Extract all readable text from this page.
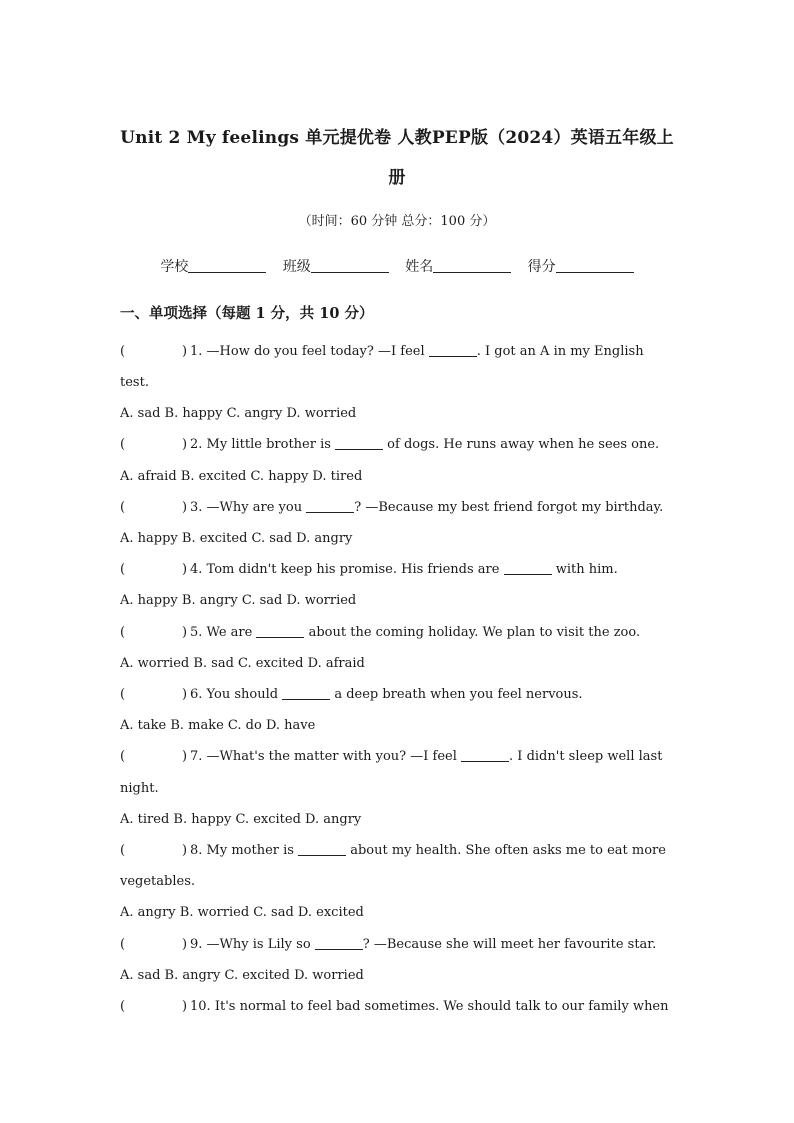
Unit 2 My feelings 单元提优卷 人教PEP版（2024）英语五年级上
册
（时间：60 分钟 总分：100 分）
学校	班级	姓名	得分
一、单项选择（每题 1 分，共 10 分）
(	) 1. —How do you feel today? —I feel	. I got an A in my English
test.
A. sad B. happy C. angry D. worried
(	) 2. My little brother is	of dogs. He runs away when he sees one.
A. afraid B. excited C. happy D. tired
(	) 3. —Why are you	? —Because my best friend forgot my birthday.
A. happy B. excited C. sad D. angry
(	) 4. Tom didn't keep his promise. His friends are	with him.
A. happy B. angry C. sad D. worried
(	) 5. We are	about the coming holiday. We plan to visit the zoo.
A. worried B. sad C. excited D. afraid
(	) 6. You should	a deep breath when you feel nervous.
A. take B. make C. do D. have
(	) 7. —What's the matter with you? —I feel	. I didn't sleep well last
night.
A. tired B. happy C. excited D. angry
(	) 8. My mother is	about my health. She often asks me to eat more
vegetables.
A. angry B. worried C. sad D. excited
(	) 9. —Why is Lily so	? —Because she will meet her favourite star.
A. sad B. angry C. excited D. worried
(	) 10. It's normal to feel bad sometimes. We should talk to our family when
